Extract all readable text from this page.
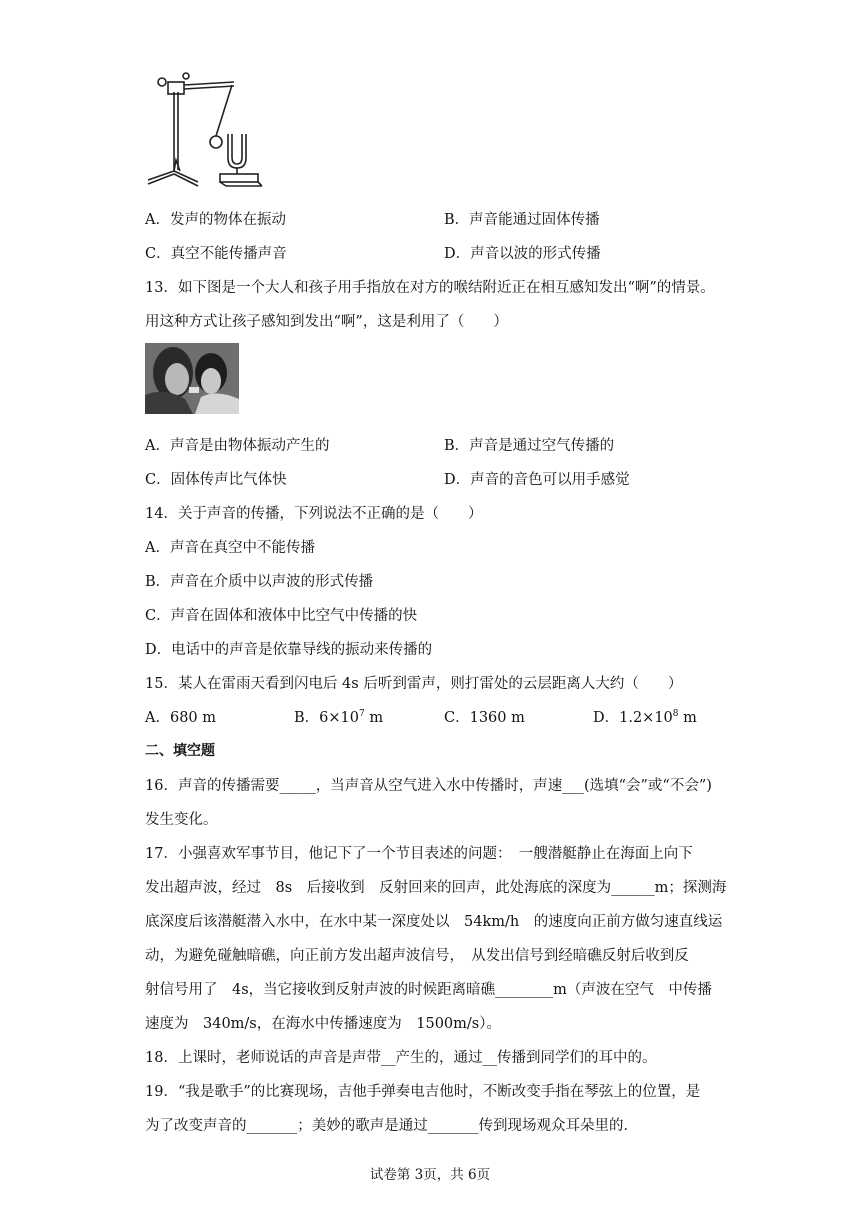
A．发声的物体在振动	B．声音能通过固体传播
C．真空不能传播声音	D．声音以波的形式传播
13．如下图是一个大人和孩子用手指放在对方的喉结附近正在相互感知发出“啊”的情景。
用这种方式让孩子感知到发出“啊”，这是利用了（　　）
A．声音是由物体振动产生的	B．声音是通过空气传播的
C．固体传声比气体快	D．声音的音色可以用手感觉
14．关于声音的传播，下列说法不正确的是（　　）
A．声音在真空中不能传播
B．声音在介质中以声波的形式传播
C．声音在固体和液体中比空气中传播的快
D．电话中的声音是依靠导线的振动来传播的
15．某人在雷雨天看到闪电后 4s 后听到雷声，则打雷处的云层距离人大约（　　）
A．680 m	B．$6\times 10^7$ m	C．1360 m	D．$1.2\times 10^8$ m
二、填空题
16．声音的传播需要_____，当声音从空气进入水中传播时，声速___(选填“会”或“不会”)
发生变化。
17．小强喜欢军事节目，他记下了一个节目表述的问题：　一艘潜艇静止在海面上向下
发出超声波，经过　8s　后接收到　反射回来的回声，此处海底的深度为______m；探测海
底深度后该潜艇潜入水中，在水中某一深度处以　54km/h　的速度向正前方做匀速直线运
动，为避免碰触暗礁，向正前方发出超声波信号，　从发出信号到经暗礁反射后收到反
射信号用了　4s，当它接收到反射声波的时候距离暗礁________m（声波在空气　中传播
速度为　340m/s，在海水中传播速度为　1500m/s）。
18．上课时，老师说话的声音是声带__产生的，通过__传播到同学们的耳中的。
19．“我是歌手”的比赛现场，吉他手弹奏电吉他时，不断改变手指在琴弦上的位置，是
为了改变声音的_______；美妙的歌声是通过_______传到现场观众耳朵里的．
试卷第 3页，共 6页
